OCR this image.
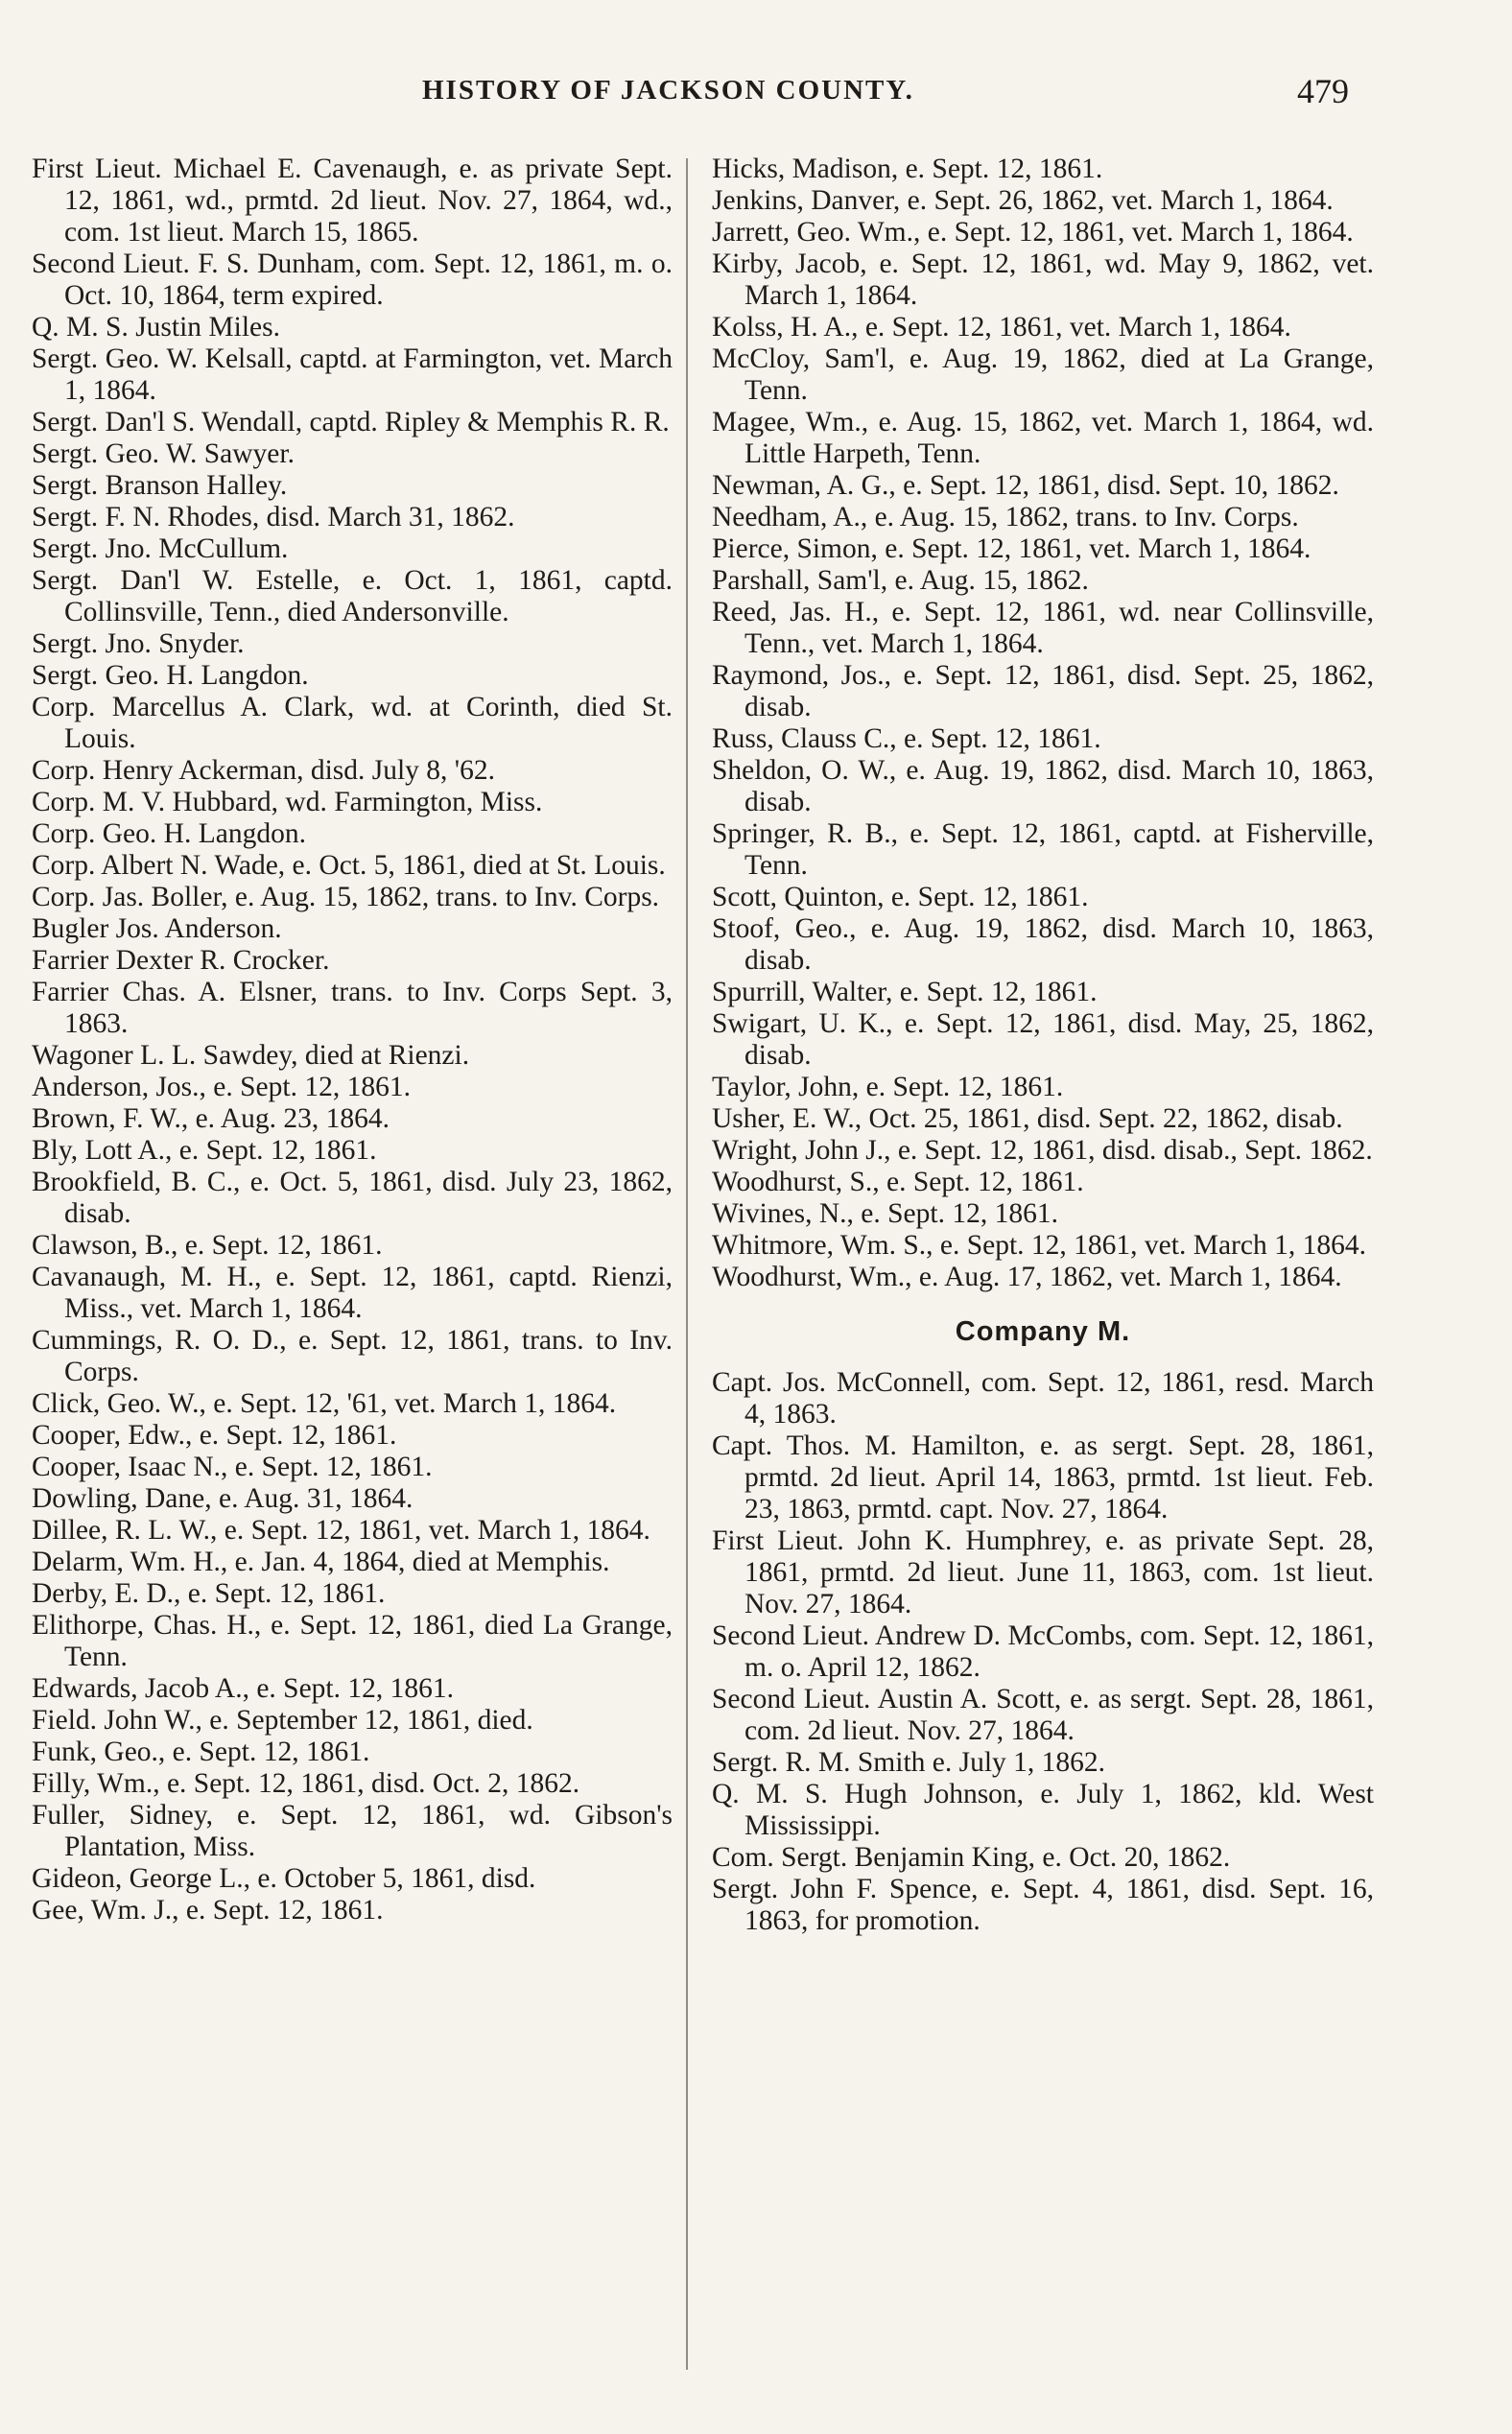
HISTORY OF JACKSON COUNTY.	479

First Lieut. Michael E. Cavenaugh, e. as private Sept. 12, 1861, wd., prmtd. 2d lieut. Nov. 27, 1864, wd., com. 1st lieut. March 15, 1865.

Second Lieut. F. S. Dunham, com. Sept. 12, 1861, m. o. Oct. 10, 1864, term expired.

Q. M. S. Justin Miles.

Sergt. Geo. W. Kelsall, captd. at Farmington, vet. March 1, 1864.

Sergt. Dan'l S. Wendall, captd. Ripley & Memphis R. R.

Sergt. Geo. W. Sawyer.

Sergt. Branson Halley.

Sergt. F. N. Rhodes, disd. March 31, 1862.

Sergt. Jno. McCullum.

Sergt. Dan'l W. Estelle, e. Oct. 1, 1861, captd. Collinsville, Tenn., died Andersonville.

Sergt. Jno. Snyder.

Sergt. Geo. H. Langdon.

Corp. Marcellus A. Clark, wd. at Corinth, died St. Louis.

Corp. Henry Ackerman, disd. July 8, '62.

Corp. M. V. Hubbard, wd. Farmington, Miss.

Corp. Geo. H. Langdon.

Corp. Albert N. Wade, e. Oct. 5, 1861, died at St. Louis.

Corp. Jas. Boller, e. Aug. 15, 1862, trans. to Inv. Corps.

Bugler Jos. Anderson.

Farrier Dexter R. Crocker.

Farrier Chas. A. Elsner, trans. to Inv. Corps Sept. 3, 1863.

Wagoner L. L. Sawdey, died at Rienzi.

Anderson, Jos., e. Sept. 12, 1861.

Brown, F. W., e. Aug. 23, 1864.

Bly, Lott A., e. Sept. 12, 1861.

Brookfield, B. C., e. Oct. 5, 1861, disd. July 23, 1862, disab.

Clawson, B., e. Sept. 12, 1861.

Cavanaugh, M. H., e. Sept. 12, 1861, captd. Rienzi, Miss., vet. March 1, 1864.

Cummings, R. O. D., e. Sept. 12, 1861, trans. to Inv. Corps.

Click, Geo. W., e. Sept. 12, '61, vet. March 1, 1864.

Cooper, Edw., e. Sept. 12, 1861.

Cooper, Isaac N., e. Sept. 12, 1861.

Dowling, Dane, e. Aug. 31, 1864.

Dillee, R. L. W., e. Sept. 12, 1861, vet. March 1, 1864.

Delarm, Wm. H., e. Jan. 4, 1864, died at Memphis.

Derby, E. D., e. Sept. 12, 1861.

Elithorpe, Chas. H., e. Sept. 12, 1861, died La Grange, Tenn.

Edwards, Jacob A., e. Sept. 12, 1861.

Field. John W., e. September 12, 1861, died.

Funk, Geo., e. Sept. 12, 1861.

Filly, Wm., e. Sept. 12, 1861, disd. Oct. 2, 1862.

Fuller, Sidney, e. Sept. 12, 1861, wd. Gibson's Plantation, Miss.

Gideon, George L., e. October 5, 1861, disd.

Gee, Wm. J., e. Sept. 12, 1861.

Hicks, Madison, e. Sept. 12, 1861.

Jenkins, Danver, e. Sept. 26, 1862, vet. March 1, 1864.

Jarrett, Geo. Wm., e. Sept. 12, 1861, vet. March 1, 1864.

Kirby, Jacob, e. Sept. 12, 1861, wd. May 9, 1862, vet. March 1, 1864.

Kolss, H. A., e. Sept. 12, 1861, vet. March 1, 1864.

McCloy, Sam'l, e. Aug. 19, 1862, died at La Grange, Tenn.

Magee, Wm., e. Aug. 15, 1862, vet. March 1, 1864, wd. Little Harpeth, Tenn.

Newman, A. G., e. Sept. 12, 1861, disd. Sept. 10, 1862.

Needham, A., e. Aug. 15, 1862, trans. to Inv. Corps.

Pierce, Simon, e. Sept. 12, 1861, vet. March 1, 1864.

Parshall, Sam'l, e. Aug. 15, 1862.

Reed, Jas. H., e. Sept. 12, 1861, wd. near Collinsville, Tenn., vet. March 1, 1864.

Raymond, Jos., e. Sept. 12, 1861, disd. Sept. 25, 1862, disab.

Russ, Clauss C., e. Sept. 12, 1861.

Sheldon, O. W., e. Aug. 19, 1862, disd. March 10, 1863, disab.

Springer, R. B., e. Sept. 12, 1861, captd. at Fisherville, Tenn.

Scott, Quinton, e. Sept. 12, 1861.

Stoof, Geo., e. Aug. 19, 1862, disd. March 10, 1863, disab.

Spurrill, Walter, e. Sept. 12, 1861.

Swigart, U. K., e. Sept. 12, 1861, disd. May, 25, 1862, disab.

Taylor, John, e. Sept. 12, 1861.

Usher, E. W., Oct. 25, 1861, disd. Sept. 22, 1862, disab.

Wright, John J., e. Sept. 12, 1861, disd. disab., Sept. 1862.

Woodhurst, S., e. Sept. 12, 1861.

Wivines, N., e. Sept. 12, 1861.

Whitmore, Wm. S., e. Sept. 12, 1861, vet. March 1, 1864.

Woodhurst, Wm., e. Aug. 17, 1862, vet. March 1, 1864.

Company M.

Capt. Jos. McConnell, com. Sept. 12, 1861, resd. March 4, 1863.

Capt. Thos. M. Hamilton, e. as sergt. Sept. 28, 1861, prmtd. 2d lieut. April 14, 1863, prmtd. 1st lieut. Feb. 23, 1863, prmtd. capt. Nov. 27, 1864.

First Lieut. John K. Humphrey, e. as private Sept. 28, 1861, prmtd. 2d lieut. June 11, 1863, com. 1st lieut. Nov. 27, 1864.

Second Lieut. Andrew D. McCombs, com. Sept. 12, 1861, m. o. April 12, 1862.

Second Lieut. Austin A. Scott, e. as sergt. Sept. 28, 1861, com. 2d lieut. Nov. 27, 1864.

Sergt. R. M. Smith e. July 1, 1862.

Q. M. S. Hugh Johnson, e. July 1, 1862, kld. West Mississippi.

Com. Sergt. Benjamin King, e. Oct. 20, 1862.

Sergt. John F. Spence, e. Sept. 4, 1861, disd. Sept. 16, 1863, for promotion.
